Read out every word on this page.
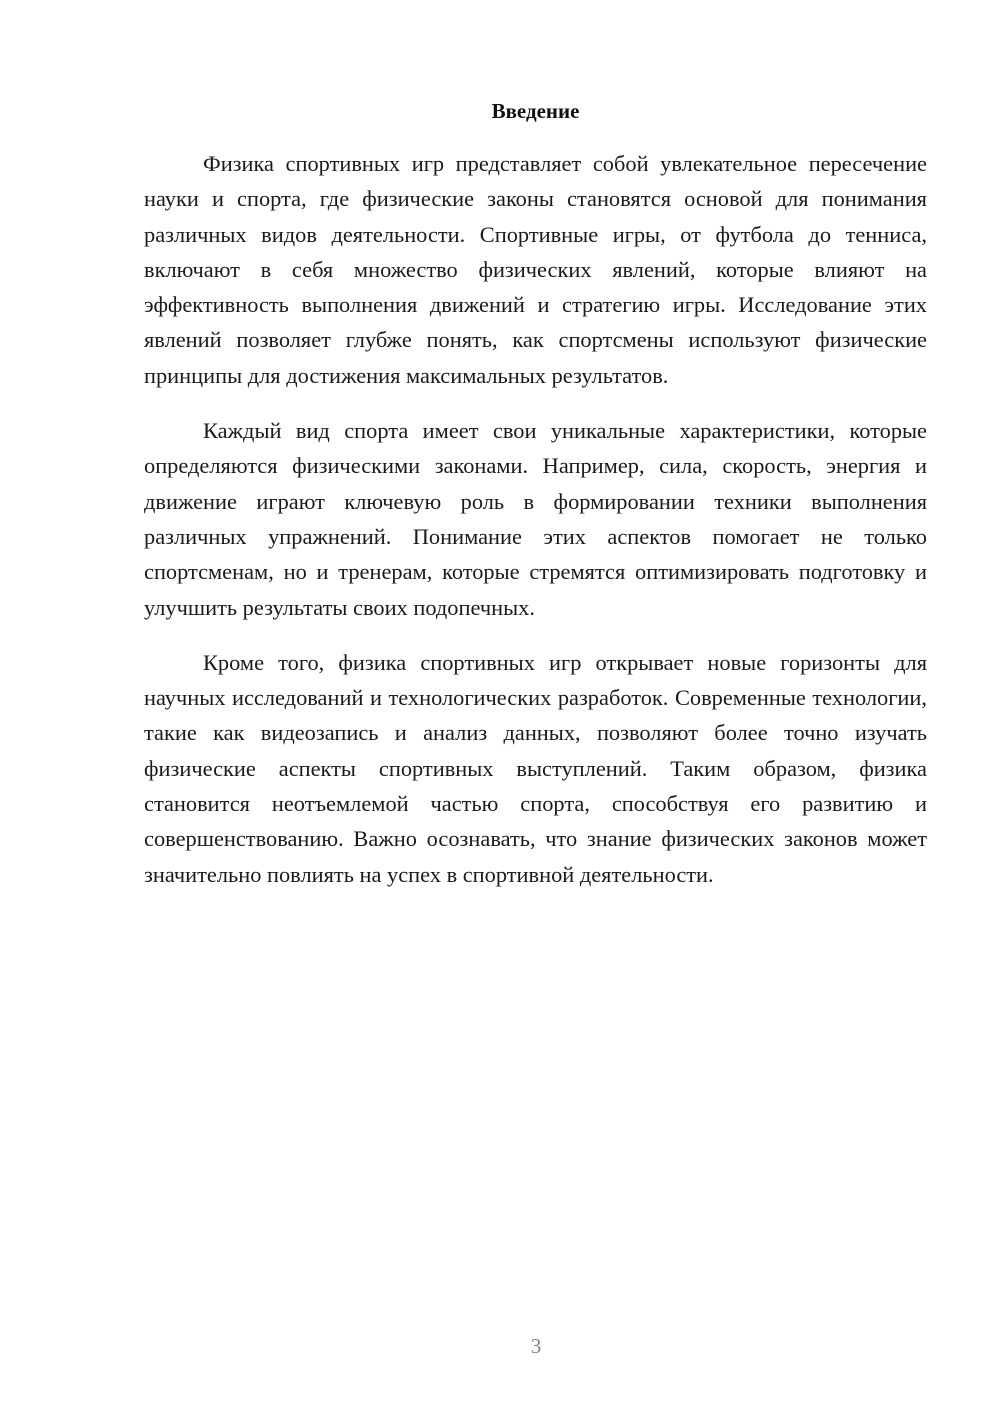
Введение

Физика спортивных игр представляет собой увлекательное пересечение науки и спорта, где физические законы становятся основой для понимания различных видов деятельности. Спортивные игры, от футбола до тенниса, включают в себя множество физических явлений, которые влияют на эффективность выполнения движений и стратегию игры. Исследование этих явлений позволяет глубже понять, как спортсмены используют физические принципы для достижения максимальных результатов.

Каждый вид спорта имеет свои уникальные характеристики, которые определяются физическими законами. Например, сила, скорость, энергия и движение играют ключевую роль в формировании техники выполнения различных упражнений. Понимание этих аспектов помогает не только спортсменам, но и тренерам, которые стремятся оптимизировать подготовку и улучшить результаты своих подопечных.

Кроме того, физика спортивных игр открывает новые горизонты для научных исследований и технологических разработок. Современные технологии, такие как видеозапись и анализ данных, позволяют более точно изучать физические аспекты спортивных выступлений. Таким образом, физика становится неотъемлемой частью спорта, способствуя его развитию и совершенствованию. Важно осознавать, что знание физических законов может значительно повлиять на успех в спортивной деятельности.

3
